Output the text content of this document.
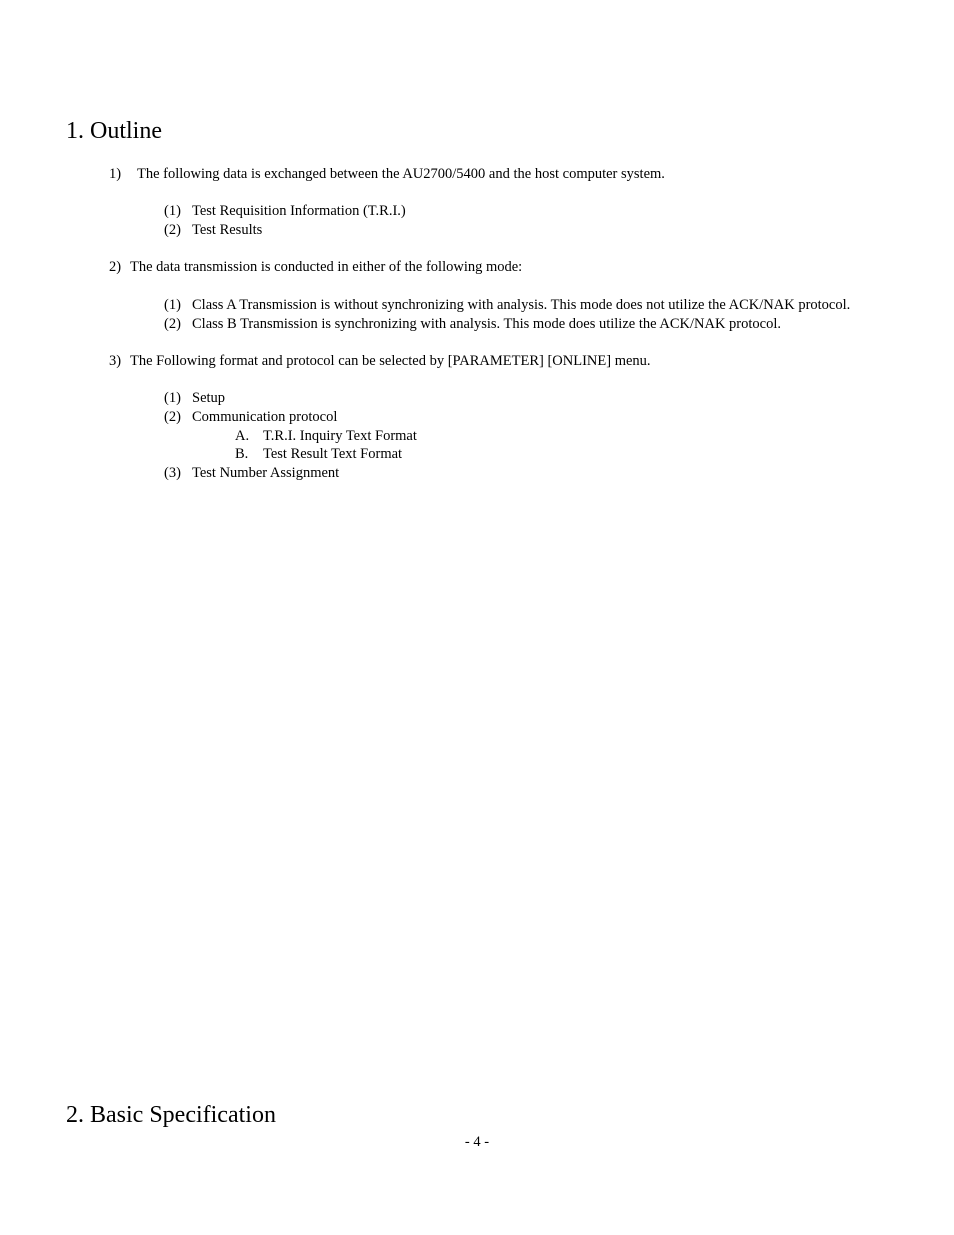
1. Outline
1) The following data is exchanged between the AU2700/5400 and the host computer system.
(1) Test Requisition Information (T.R.I.)
(2) Test Results
2) The data transmission is conducted in either of the following mode:
(1) Class A Transmission is without synchronizing with analysis. This mode does not utilize the ACK/NAK protocol.
(2) Class B Transmission is synchronizing with analysis. This mode does utilize the ACK/NAK protocol.
3) The Following format and protocol can be selected by [PARAMETER] [ONLINE] menu.
(1) Setup
(2) Communication protocol
A. T.R.I. Inquiry Text Format
B. Test Result Text Format
(3) Test Number Assignment
2. Basic Specification
- 4 -
